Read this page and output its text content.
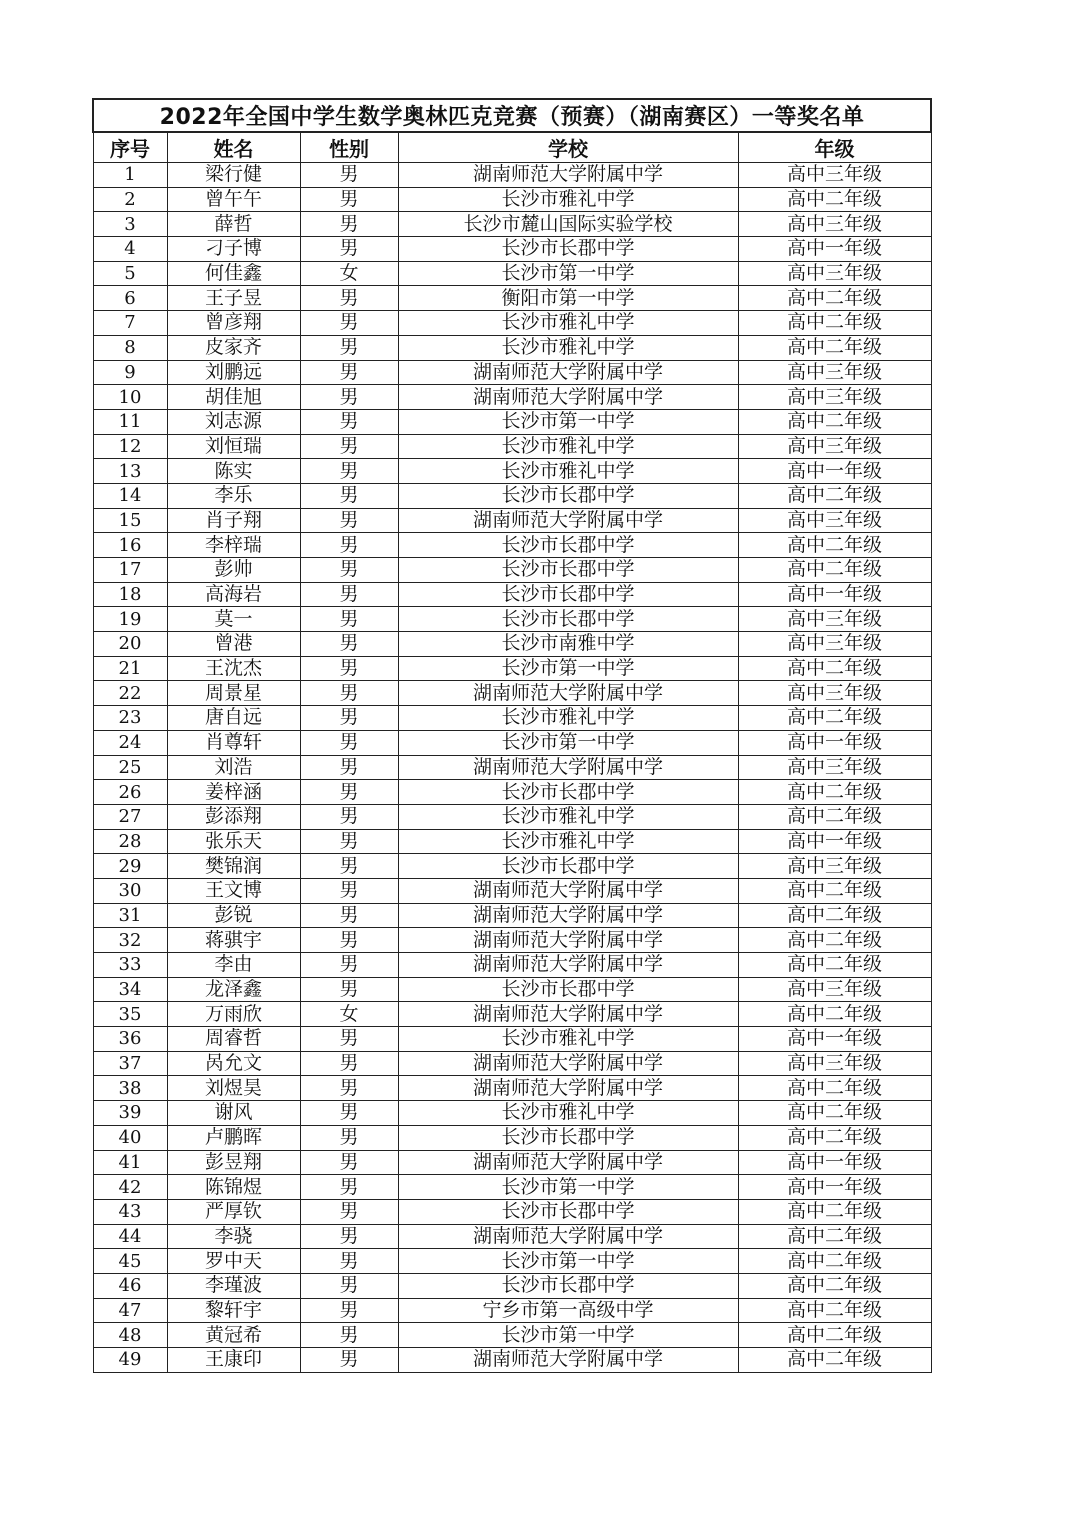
2022年全国中学生数学奥林匹克竞赛（预赛）（湖南赛区）一等奖名单				
序号	姓名	性别	学校	年级
1	梁行健	男	湖南师范大学附属中学	高中三年级
2	曾午午	男	长沙市雅礼中学	高中二年级
3	薛哲	男	长沙市麓山国际实验学校	高中三年级
4	刁子博	男	长沙市长郡中学	高中一年级
5	何佳鑫	女	长沙市第一中学	高中三年级
6	王子昱	男	衡阳市第一中学	高中二年级
7	曾彦翔	男	长沙市雅礼中学	高中二年级
8	皮家齐	男	长沙市雅礼中学	高中二年级
9	刘鹏远	男	湖南师范大学附属中学	高中三年级
10	胡佳旭	男	湖南师范大学附属中学	高中三年级
11	刘志源	男	长沙市第一中学	高中二年级
12	刘恒瑞	男	长沙市雅礼中学	高中三年级
13	陈实	男	长沙市雅礼中学	高中一年级
14	李乐	男	长沙市长郡中学	高中二年级
15	肖子翔	男	湖南师范大学附属中学	高中三年级
16	李梓瑞	男	长沙市长郡中学	高中二年级
17	彭帅	男	长沙市长郡中学	高中二年级
18	高海岩	男	长沙市长郡中学	高中一年级
19	莫一	男	长沙市长郡中学	高中三年级
20	曾港	男	长沙市南雅中学	高中三年级
21	王沈杰	男	长沙市第一中学	高中二年级
22	周景星	男	湖南师范大学附属中学	高中三年级
23	唐自远	男	长沙市雅礼中学	高中二年级
24	肖尊轩	男	长沙市第一中学	高中一年级
25	刘浩	男	湖南师范大学附属中学	高中三年级
26	姜梓涵	男	长沙市长郡中学	高中二年级
27	彭添翔	男	长沙市雅礼中学	高中二年级
28	张乐天	男	长沙市雅礼中学	高中一年级
29	樊锦润	男	长沙市长郡中学	高中三年级
30	王文博	男	湖南师范大学附属中学	高中二年级
31	彭锐	男	湖南师范大学附属中学	高中二年级
32	蒋骐宇	男	湖南师范大学附属中学	高中二年级
33	李由	男	湖南师范大学附属中学	高中二年级
34	龙泽鑫	男	长沙市长郡中学	高中三年级
35	万雨欣	女	湖南师范大学附属中学	高中二年级
36	周睿哲	男	长沙市雅礼中学	高中一年级
37	呙允文	男	湖南师范大学附属中学	高中三年级
38	刘煜昊	男	湖南师范大学附属中学	高中二年级
39	谢风	男	长沙市雅礼中学	高中二年级
40	卢鹏晖	男	长沙市长郡中学	高中二年级
41	彭昱翔	男	湖南师范大学附属中学	高中一年级
42	陈锦煜	男	长沙市第一中学	高中一年级
43	严厚钦	男	长沙市长郡中学	高中二年级
44	李骁	男	湖南师范大学附属中学	高中二年级
45	罗中天	男	长沙市第一中学	高中二年级
46	李瑾波	男	长沙市长郡中学	高中二年级
47	黎轩宇	男	宁乡市第一高级中学	高中二年级
48	黄冠希	男	长沙市第一中学	高中二年级
49	王康印	男	湖南师范大学附属中学	高中二年级
